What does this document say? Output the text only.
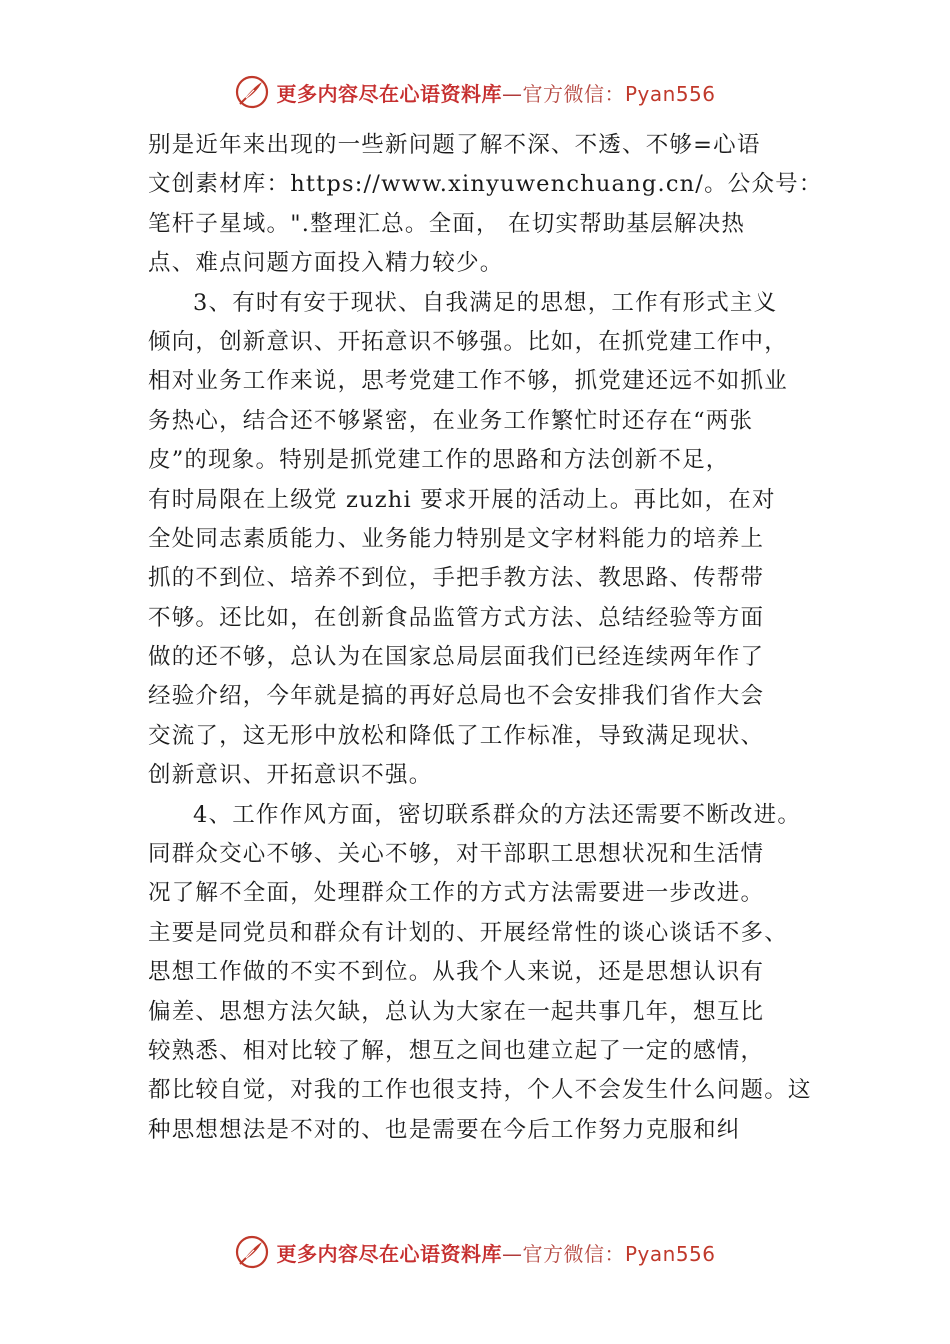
更多内容尽在心语资料库—官方微信：Pyan556
别是近年来出现的一些新问题了解不深、不透、不够=心语
文创素材库：https://www.xinyuwenchuang.cn/。公众号：
笔杆子星域。".整理汇总。全面， 在切实帮助基层解决热
点、难点问题方面投入精力较少。
3、有时有安于现状、自我满足的思想，工作有形式主义
倾向，创新意识、开拓意识不够强。比如，在抓党建工作中，
相对业务工作来说，思考党建工作不够，抓党建还远不如抓业
务热心，结合还不够紧密，在业务工作繁忙时还存在“两张
皮”的现象。特别是抓党建工作的思路和方法创新不足，
有时局限在上级党 zuzhi 要求开展的活动上。再比如，在对
全处同志素质能力、业务能力特别是文字材料能力的培养上
抓的不到位、培养不到位，手把手教方法、教思路、传帮带
不够。还比如，在创新食品监管方式方法、总结经验等方面
做的还不够，总认为在国家总局层面我们已经连续两年作了
经验介绍，今年就是搞的再好总局也不会安排我们省作大会
交流了，这无形中放松和降低了工作标准，导致满足现状、
创新意识、开拓意识不强。
4、工作作风方面，密切联系群众的方法还需要不断改进。
同群众交心不够、关心不够，对干部职工思想状况和生活情
况了解不全面，处理群众工作的方式方法需要进一步改进。
主要是同党员和群众有计划的、开展经常性的谈心谈话不多、
思想工作做的不实不到位。从我个人来说，还是思想认识有
偏差、思想方法欠缺，总认为大家在一起共事几年，想互比
较熟悉、相对比较了解，想互之间也建立起了一定的感情，
都比较自觉，对我的工作也很支持，个人不会发生什么问题。这
种思想想法是不对的、也是需要在今后工作努力克服和纠
更多内容尽在心语资料库—官方微信：Pyan556
